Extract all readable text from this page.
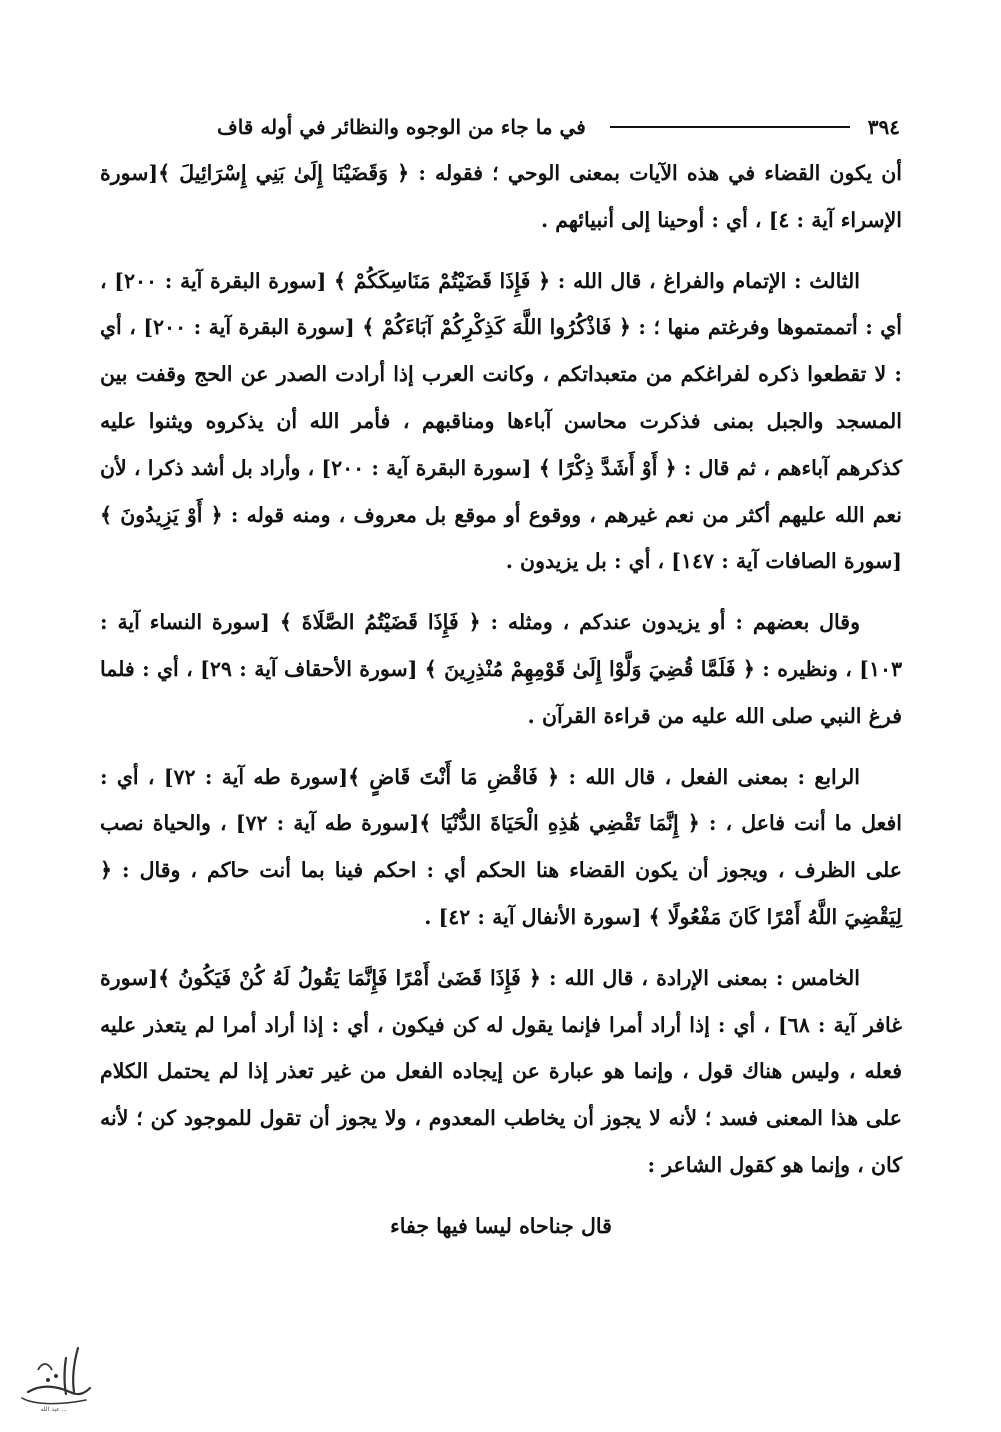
٣٩٤
في ما جاء من الوجوه والنظائر في أوله قاف

أن يكون القضاء في هذه الآيات بمعنى الوحي ؛ فقوله : ﴿ وَقَضَيْنَا إِلَىٰ بَنِي إِسْرَائِيلَ ﴾[سورة الإسراء آية : ٤] ، أي : أوحينا إلى أنبيائهم .

الثالث : الإتمام والفراغ ، قال الله : ﴿ فَإِذَا قَضَيْتُمْ مَنَاسِكَكُمْ ﴾ [سورة البقرة آية : ٢٠٠] ، أي : أتممتموها وفرغتم منها ؛ : ﴿ فَاذْكُرُوا اللَّهَ كَذِكْرِكُمْ آبَاءَكُمْ ﴾ [سورة البقرة آية : ٢٠٠] ، أي : لا تقطعوا ذكره لفراغكم من متعبداتكم ، وكانت العرب إذا أرادت الصدر عن الحج وقفت بين المسجد والجبل بمنى فذكرت محاسن آباءها ومناقبهم ، فأمر الله أن يذكروه ويثنوا عليه كذكرهم آباءهم ، ثم قال : ﴿ أَوْ أَشَدَّ ذِكْرًا ﴾ [سورة البقرة آية : ٢٠٠] ، وأراد بل أشد ذكرا ، لأن نعم الله عليهم أكثر من نعم غيرهم ، ووقوع أو موقع بل معروف ، ومنه قوله : ﴿ أَوْ يَزِيدُونَ ﴾[سورة الصافات آية : ١٤٧] ، أي : بل يزيدون .

وقال بعضهم : أو يزيدون عندكم ، ومثله : ﴿ فَإِذَا قَضَيْتُمُ الصَّلَاةَ ﴾ [سورة النساء آية : ١٠٣] ، ونظيره : ﴿ فَلَمَّا قُضِيَ وَلَّوْا إِلَىٰ قَوْمِهِمْ مُنْذِرِينَ ﴾ [سورة الأحقاف آية : ٢٩] ، أي : فلما فرغ النبي صلى الله عليه من قراءة القرآن .

الرابع : بمعنى الفعل ، قال الله : ﴿ فَاقْضِ مَا أَنْتَ قَاضٍ ﴾[سورة طه آية : ٧٢] ، أي : افعل ما أنت فاعل ، : ﴿ إِنَّمَا تَقْضِي هَٰذِهِ الْحَيَاةَ الدُّنْيَا ﴾[سورة طه آية : ٧٢] ، والحياة نصب على الظرف ، ويجوز أن يكون القضاء هنا الحكم أي : احكم فينا بما أنت حاكم ، وقال : ﴿ لِيَقْضِيَ اللَّهُ أَمْرًا كَانَ مَفْعُولًا ﴾ [سورة الأنفال آية : ٤٢] .

الخامس : بمعنى الإرادة ، قال الله : ﴿ فَإِذَا قَضَىٰ أَمْرًا فَإِنَّمَا يَقُولُ لَهُ كُنْ فَيَكُونُ ﴾[سورة غافر آية : ٦٨] ، أي : إذا أراد أمرا فإنما يقول له كن فيكون ، أي : إذا أراد أمرا لم يتعذر عليه فعله ، وليس هناك قول ، وإنما هو عبارة عن إيجاده الفعل من غير تعذر إذا لم يحتمل الكلام على هذا المعنى فسد ؛ لأنه لا يجوز أن يخاطب المعدوم ، ولا يجوز أن تقول للموجود كن ؛ لأنه كان ، وإنما هو كقول الشاعر :

قال جناحاه ليسا فيها جفاء

عبد الله ...
